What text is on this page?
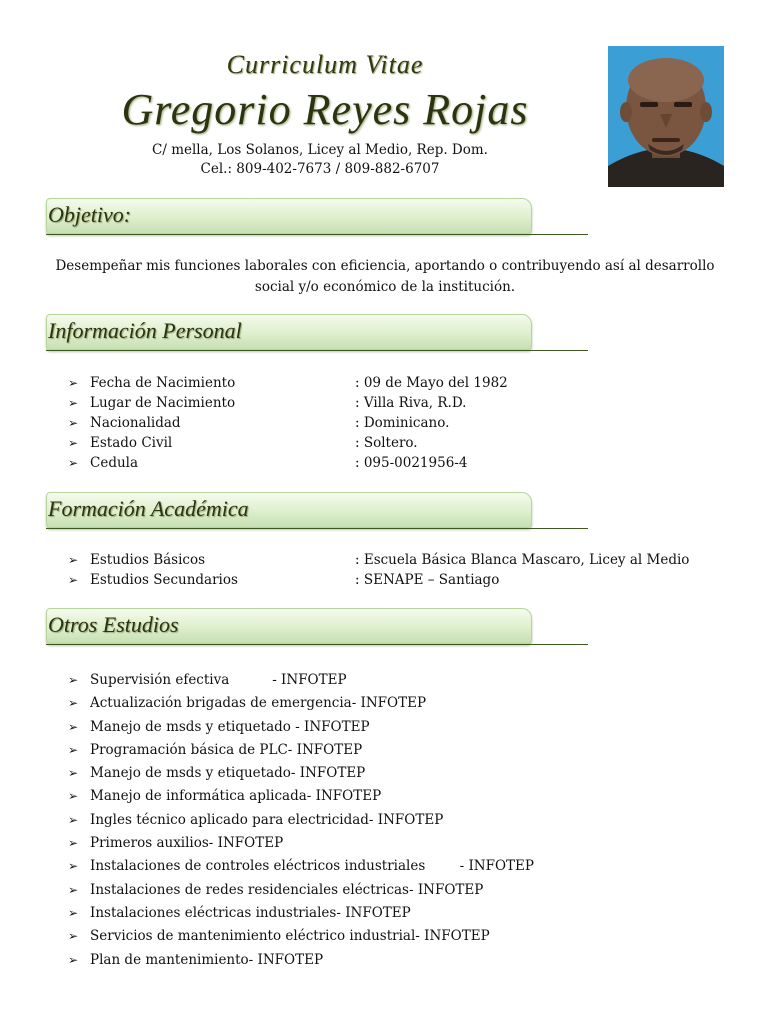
Curriculum Vitae
Gregorio Reyes Rojas
C/ mella, Los Solanos, Licey al Medio, Rep. Dom.
Cel.: 809-402-7673 / 809-882-6707
Objetivo:
Desempeñar mis funciones laborales con eficiencia, aportando o contribuyendo así al desarrollo social y/o económico de la institución.
Información Personal
➢ Fecha de Nacimiento	: 09 de Mayo del 1982
➢ Lugar de Nacimiento	: Villa Riva, R.D.
➢ Nacionalidad	: Dominicano.
➢ Estado Civil	: Soltero.
➢ Cedula	: 095-0021956-4
Formación Académica
➢ Estudios Básicos	: Escuela Básica Blanca Mascaro, Licey al Medio
➢ Estudios Secundarios	: SENAPE – Santiago
Otros Estudios
➢ Supervisión efectiva          - INFOTEP
➢ Actualización brigadas de emergencia- INFOTEP
➢ Manejo de msds y etiquetado - INFOTEP
➢ Programación básica de PLC- INFOTEP
➢ Manejo de msds y etiquetado- INFOTEP
➢ Manejo de informática aplicada- INFOTEP
➢ Ingles técnico aplicado para electricidad- INFOTEP
➢ Primeros auxilios- INFOTEP
➢ Instalaciones de controles eléctricos industriales        - INFOTEP
➢ Instalaciones de redes residenciales eléctricas- INFOTEP
➢ Instalaciones eléctricas industriales- INFOTEP
➢ Servicios de mantenimiento eléctrico industrial- INFOTEP
➢ Plan de mantenimiento- INFOTEP
